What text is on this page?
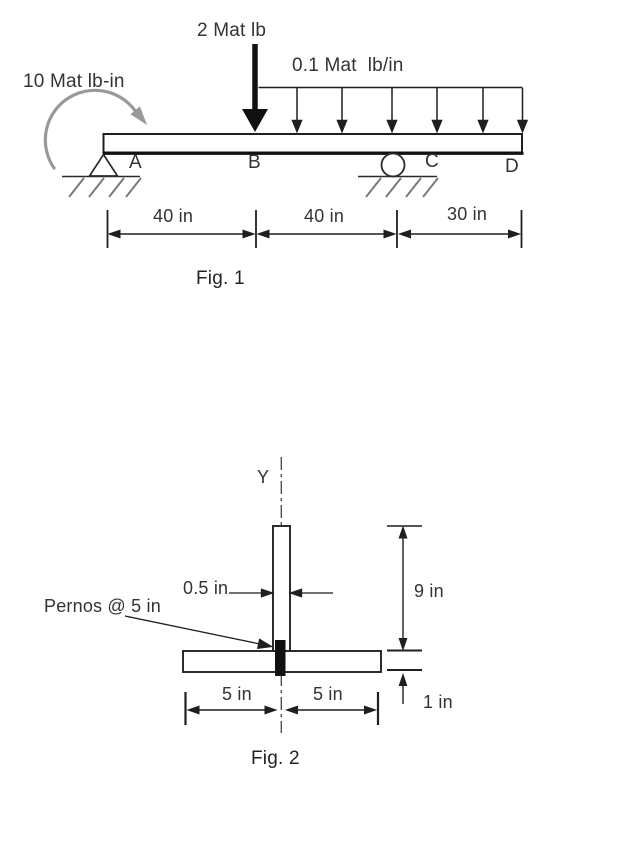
2 Mat lb
0.1 Mat  lb/in
10 Mat lb-in
A	B	C	D
40 in	40 in	30 in
Fig. 1
Y
0.5 in
Pernos @ 5 in
9 in
1 in
5 in	5 in
Fig. 2
